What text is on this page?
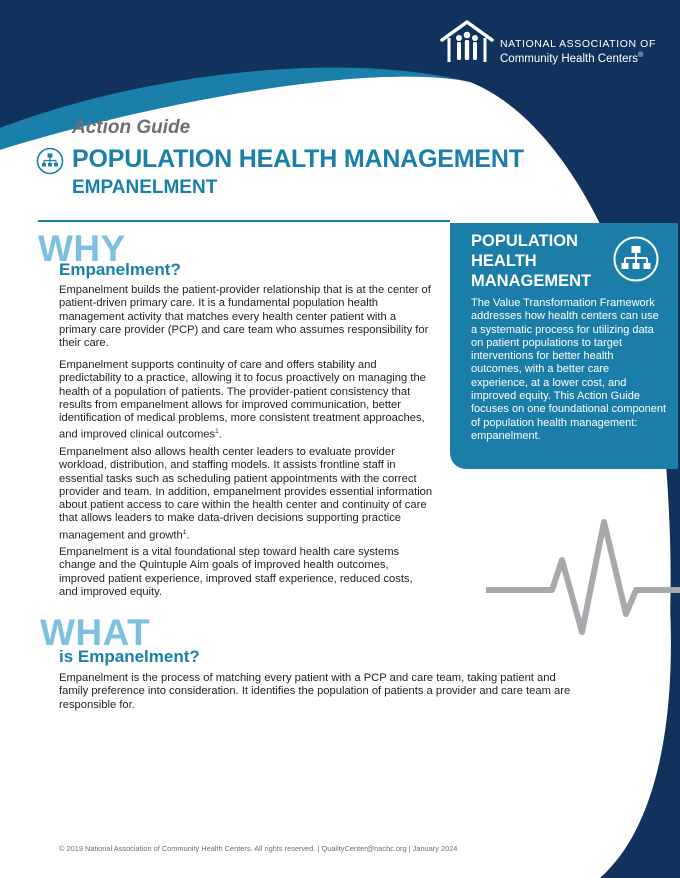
NATIONAL ASSOCIATION OF
Community Health Centers®
Action Guide
POPULATION HEALTH MANAGEMENT
EMPANELMENT
WHY
Empanelment?

Empanelment builds the patient-provider relationship that is at the center of patient-driven primary care. It is a fundamental population health management activity that matches every health center patient with a primary care provider (PCP) and care team who assumes responsibility for their care.

Empanelment supports continuity of care and offers stability and predictability to a practice, allowing it to focus proactively on managing the health of a population of patients. The provider-patient consistency that results from empanelment allows for improved communication, better identification of medical problems, more consistent treatment approaches, and improved clinical outcomes$^1$.

Empanelment also allows health center leaders to evaluate provider workload, distribution, and staffing models. It assists frontline staff in essential tasks such as scheduling patient appointments with the correct provider and team. In addition, empanelment provides essential information about patient access to care within the health center and continuity of care that allows leaders to make data-driven decisions supporting practice management and growth$^1$.

Empanelment is a vital foundational step toward health care systems change and the Quintuple Aim goals of improved health outcomes, improved patient experience, improved staff experience, reduced costs, and improved equity.

WHAT
is Empanelment?

Empanelment is the process of matching every patient with a PCP and care team, taking patient and family preference into consideration. It identifies the population of patients a provider and care team are responsible for.

POPULATION HEALTH MANAGEMENT
The Value Transformation Framework addresses how health centers can use a systematic process for utilizing data on patient populations to target interventions for better health outcomes, with a better care experience, at a lower cost, and improved equity. This Action Guide focuses on one foundational component of population health management: empanelment.
© 2019 National Association of Community Health Centers. All rights reserved. | QualityCenter@nachc.org | January 2024
